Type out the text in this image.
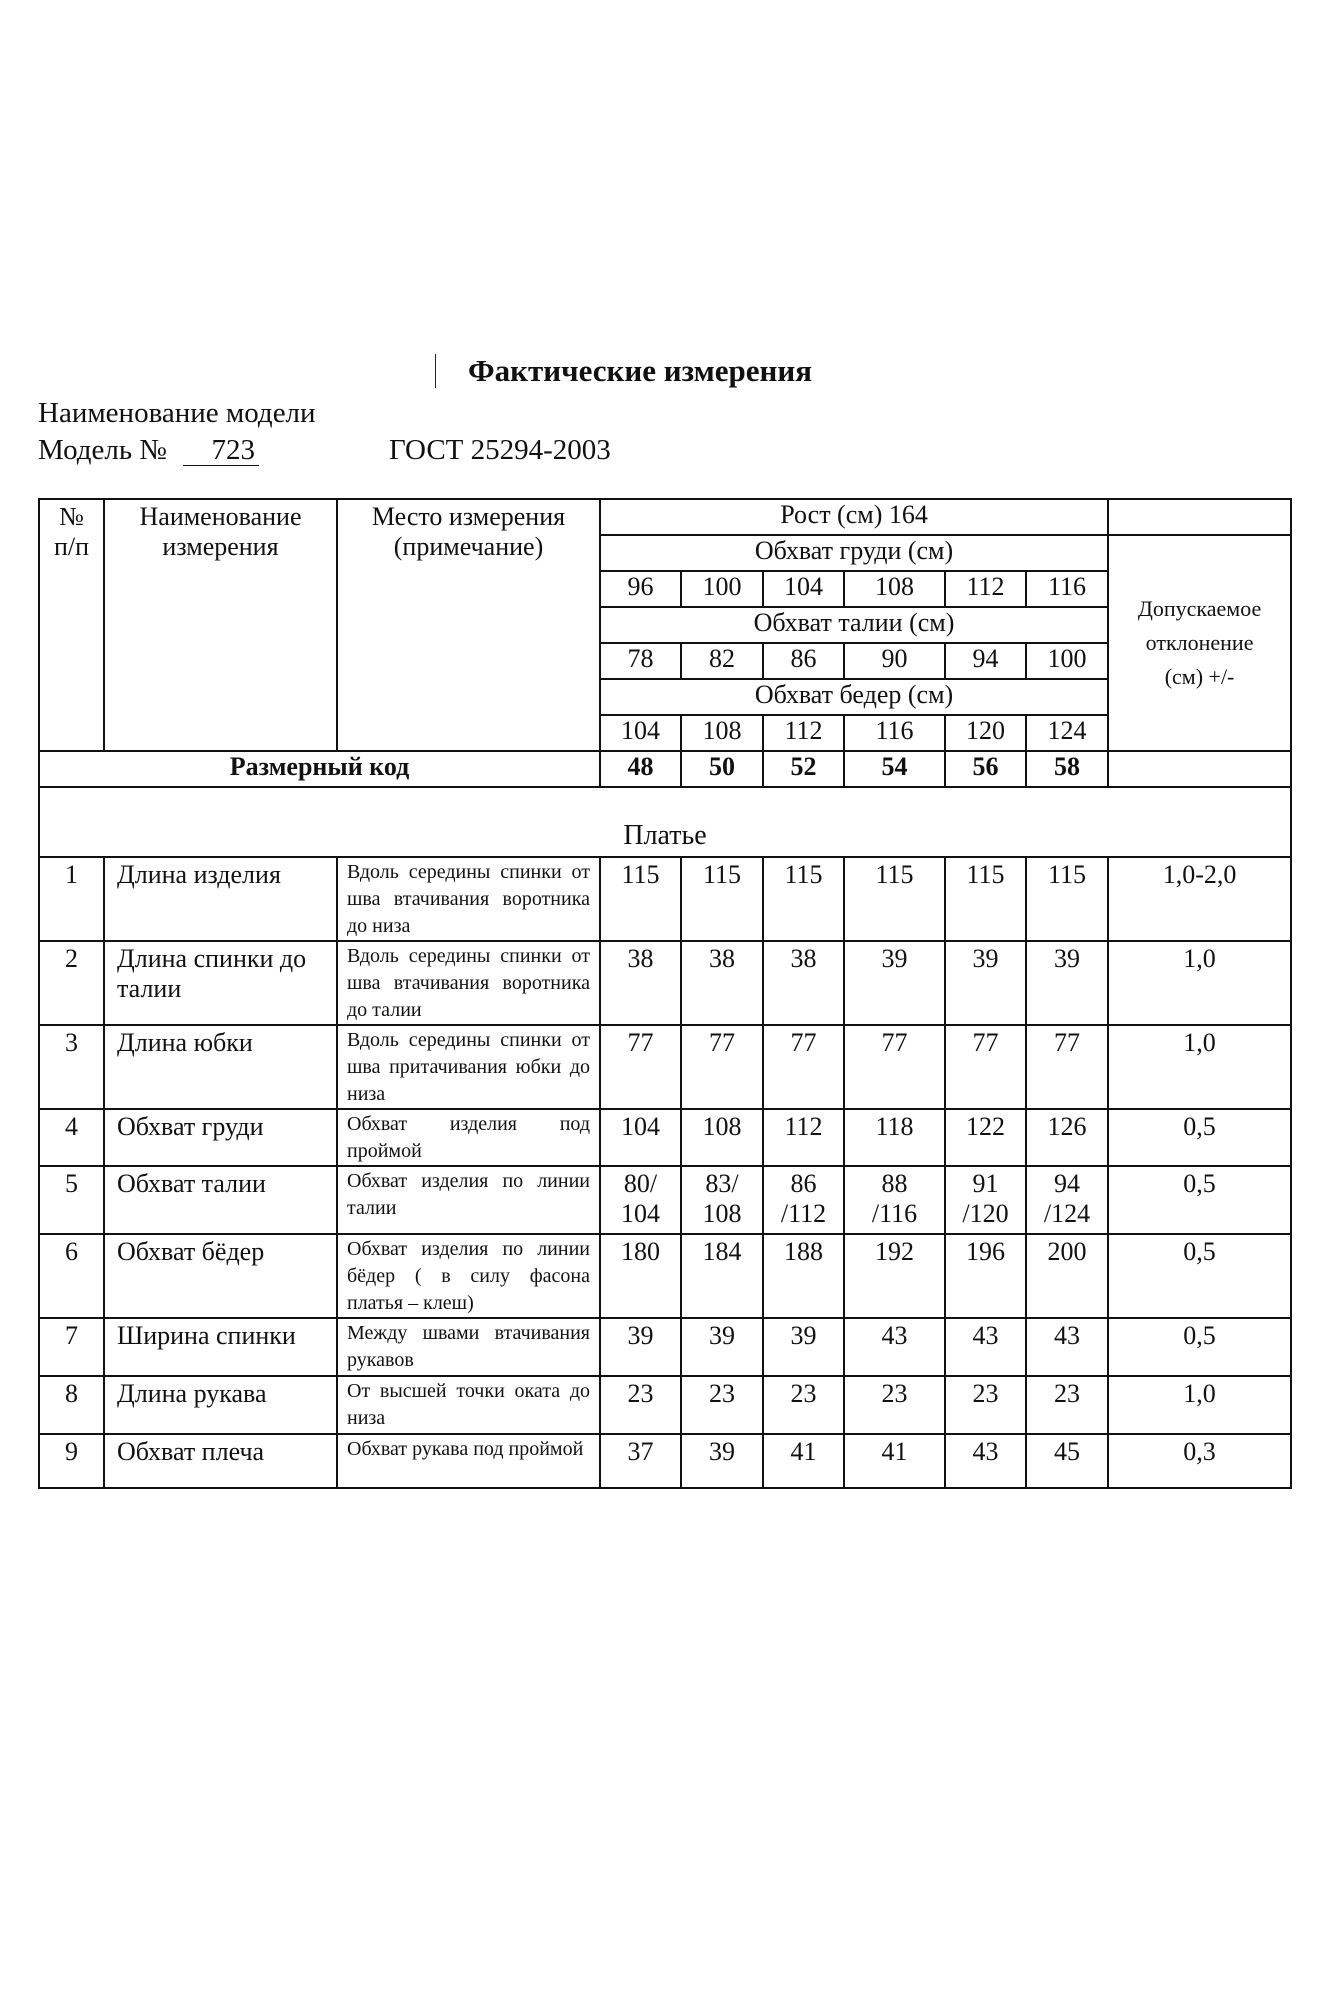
Фактические измерения
Наименование модели
Модель № 723	ГОСТ 25294-2003
№ п/п	Наименование измерения	Место измерения (примечание)	Рост (см) 164						
			Обхват груди (см)						Допускаемое отклонение (см) +/-

			96	100	104	108	112	116	
			Обхват талии (см)						
			78	82	86	90	94	100	
			Обхват бедер (см)						
			104	108	112	116	120	124	
Размерный код			48	50	52	54	56	58	
Платье									
1	Длина изделия	Вдоль середины спинки от шва втачивания воротника до низа	115	115	115	115	115	115	1,0-2,0
2	Длина спинки до талии	Вдоль середины спинки от шва втачивания воротника до талии	38	38	38	39	39	39	1,0
3	Длина юбки	Вдоль середины спинки от шва притачивания юбки до низа	77	77	77	77	77	77	1,0
4	Обхват груди	Обхват изделия под проймой	104	108	112	118	122	126	0,5
5	Обхват талии	Обхват изделия по линии талии	80/ 104	83/ 108	86 /112	88 /116	91 /120	94 /124	0,5
6	Обхват бёдер	Обхват изделия по линии бёдер ( в силу фасона платья – клеш)	180	184	188	192	196	200	0,5
7	Ширина спинки	Между швами втачивания рукавов	39	39	39	43	43	43	0,5
8	Длина рукава	От высшей точки оката до низа	23	23	23	23	23	23	1,0
9	Обхват плеча	Обхват рукава под проймой	37	39	41	41	43	45	0,3
